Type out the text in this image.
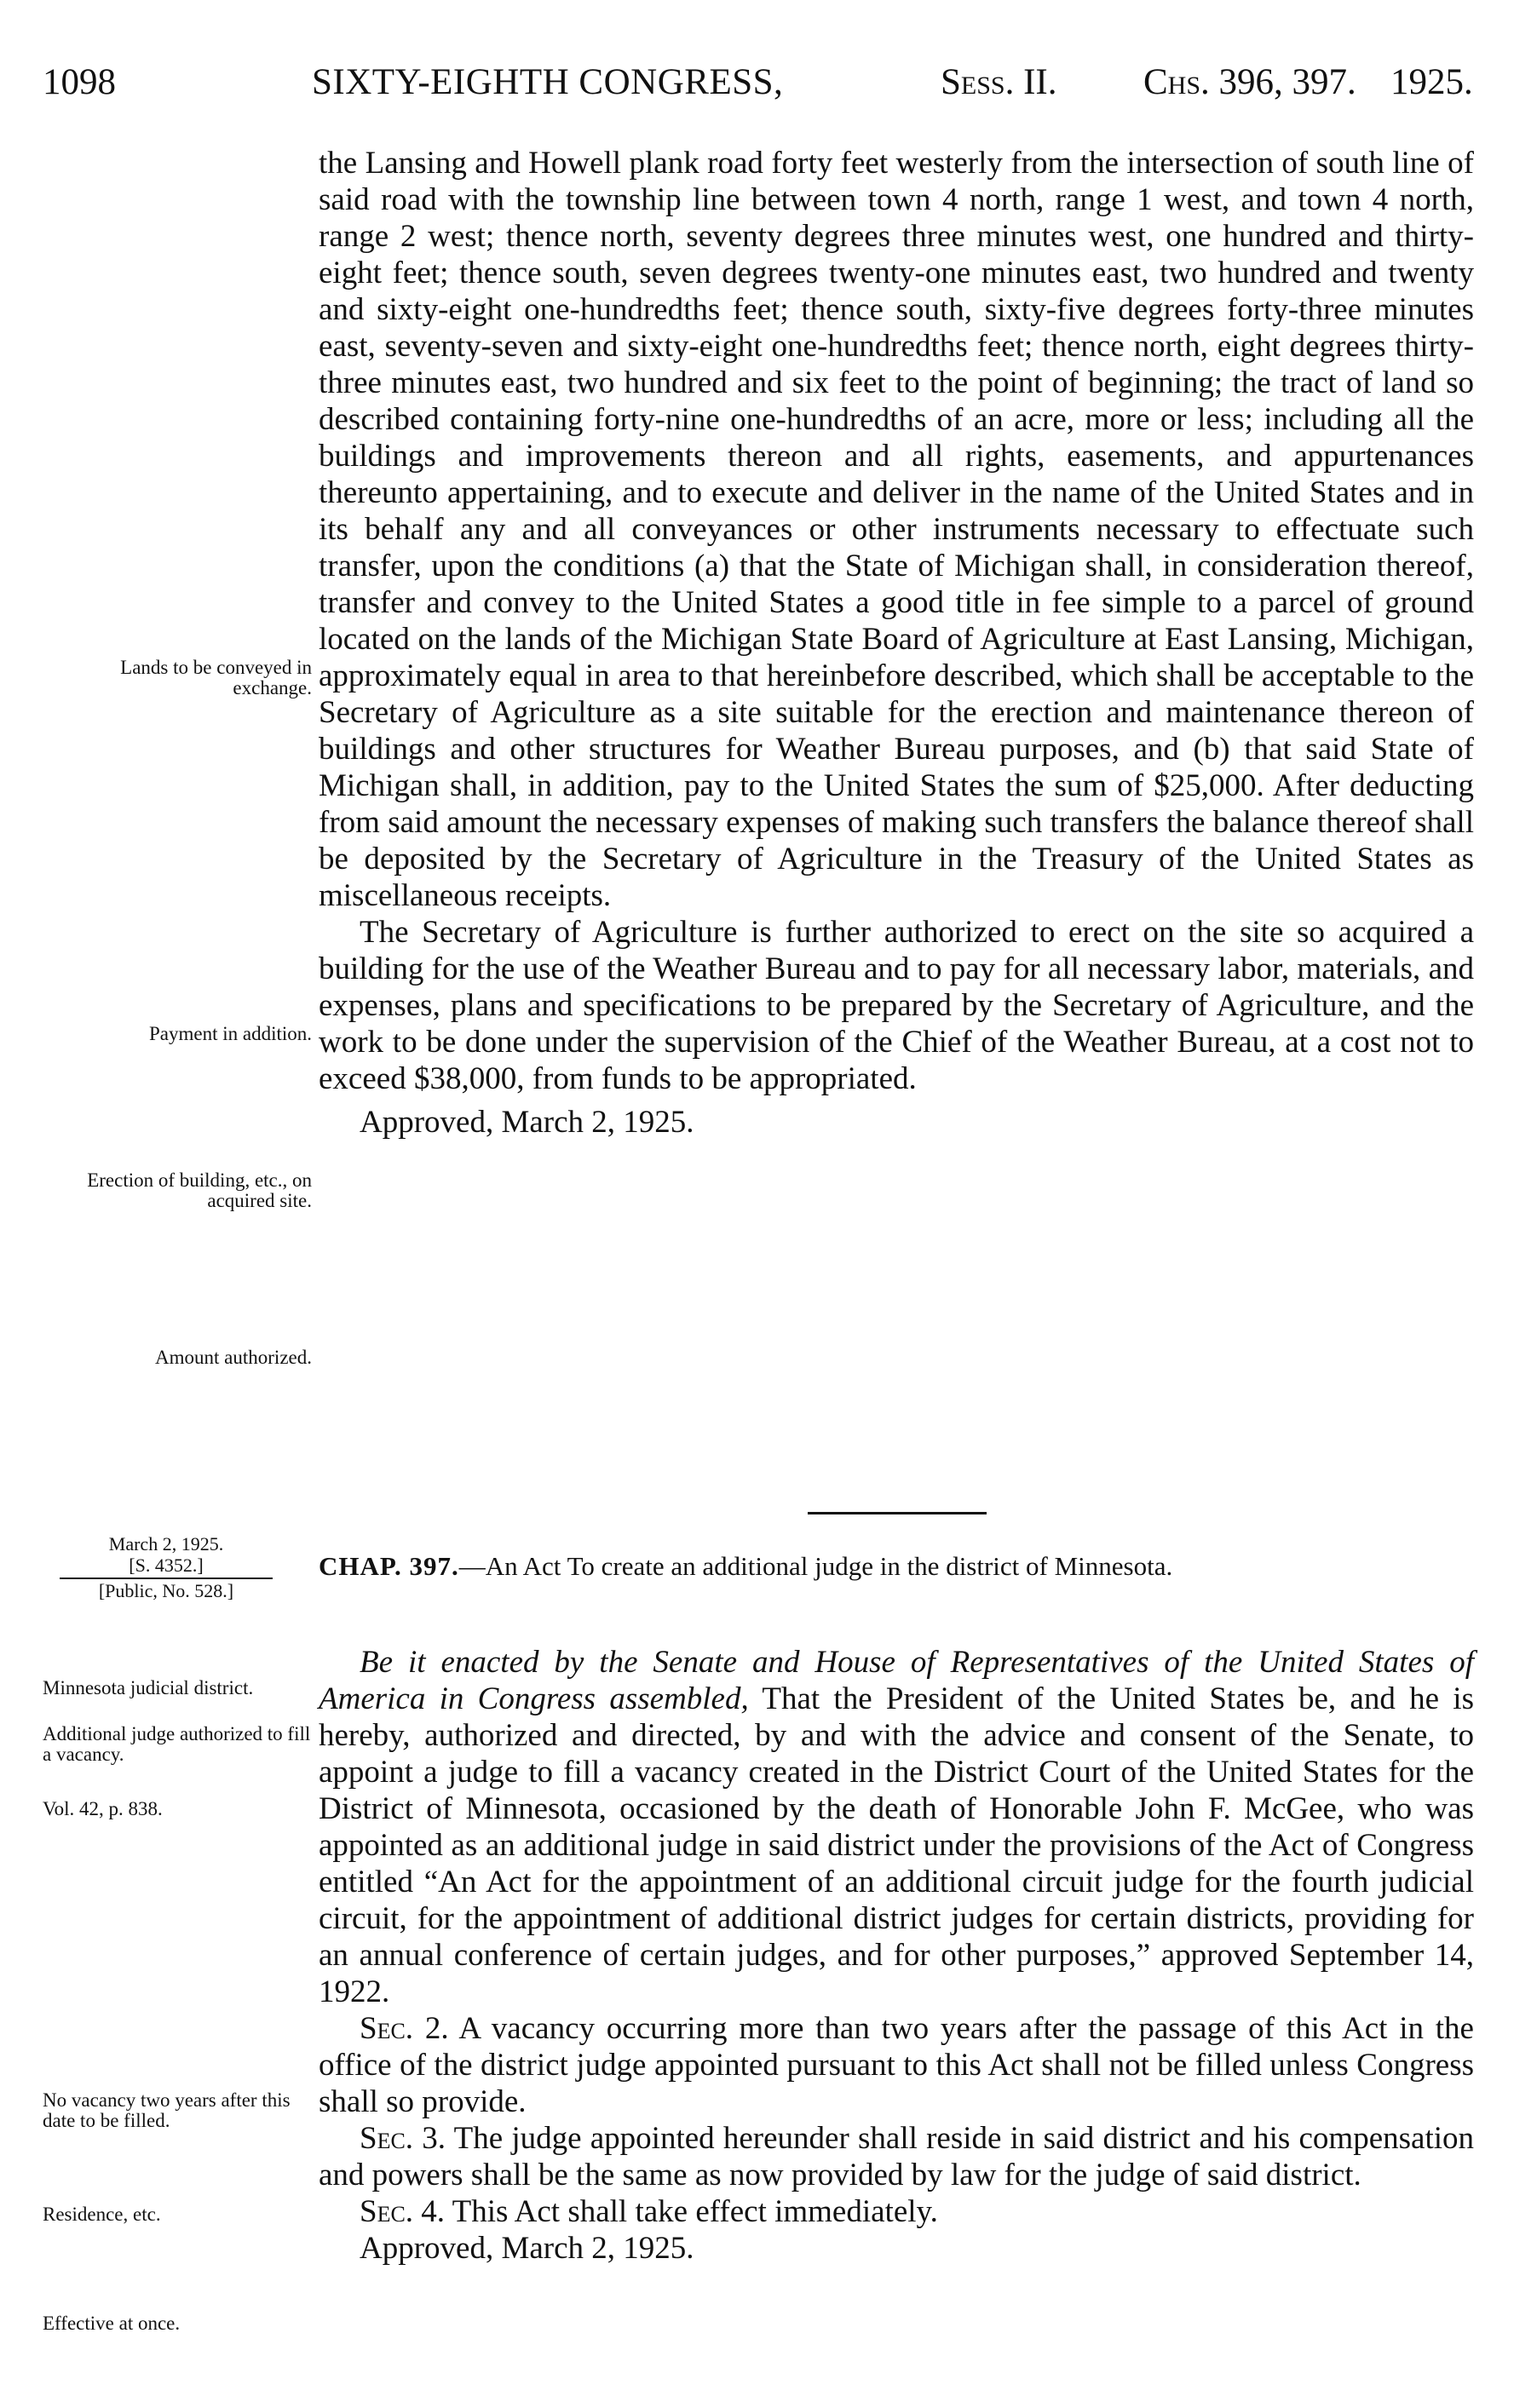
1098	SIXTY-EIGHTH CONGRESS,	Sess. II. Chs. 396, 397. 1925.

the Lansing and Howell plank road forty feet westerly from the intersection of south line of said road with the township line between town 4 north, range 1 west, and town 4 north, range 2 west; thence north, seventy degrees three minutes west, one hundred and thirty-eight feet; thence south, seven degrees twenty-one minutes east, two hundred and twenty and sixty-eight one-hundredths feet; thence south, sixty-five degrees forty-three minutes east, seventy-seven and sixty-eight one-hundredths feet; thence north, eight degrees thirty-three minutes east, two hundred and six feet to the point of beginning; the tract of land so described containing forty-nine one-hundredths of an acre, more or less; including all the buildings and improvements thereon and all rights, easements, and appurtenances thereunto appertaining, and to execute and deliver in the name of the United States and in its behalf any and all conveyances or other instruments necessary to effectuate such transfer, upon the conditions (a) that the State of Michigan shall, in consideration thereof, transfer and convey to the United States a good title in fee simple to a parcel of ground located on the lands of the Michigan State Board of Agriculture at East Lansing, Michigan, approximately equal in area to that hereinbefore described, which shall be acceptable to the Secretary of Agriculture as a site suitable for the erection and maintenance thereon of buildings and other structures for Weather Bureau purposes, and (b) that said State of Michigan shall, in addition, pay to the United States the sum of $25,000. After deducting from said amount the necessary expenses of making such transfers the balance thereof shall be deposited by the Secretary of Agriculture in the Treasury of the United States as miscellaneous receipts.

The Secretary of Agriculture is further authorized to erect on the site so acquired a building for the use of the Weather Bureau and to pay for all necessary labor, materials, and expenses, plans and specifications to be prepared by the Secretary of Agriculture, and the work to be done under the supervision of the Chief of the Weather Bureau, at a cost not to exceed $38,000, from funds to be appropriated.

Approved, March 2, 1925.

Lands to be conveyed in exchange.
Payment in addition.
Erection of building, etc., on acquired site.
Amount authorized.
March 2, 1925.
[S. 4352.]
[Public, No. 528.]
CHAP. 397.—An Act To create an additional judge in the district of Minnesota.

Be it enacted by the Senate and House of Representatives of the United States of America in Congress assembled, That the President of the United States be, and he is hereby, authorized and directed, by and with the advice and consent of the Senate, to appoint a judge to fill a vacancy created in the District Court of the United States for the District of Minnesota, occasioned by the death of Honorable John F. McGee, who was appointed as an additional judge in said district under the provisions of the Act of Congress entitled “An Act for the appointment of an additional circuit judge for the fourth judicial circuit, for the appointment of additional district judges for certain districts, providing for an annual conference of certain judges, and for other purposes,” approved September 14, 1922.

Sec. 2. A vacancy occurring more than two years after the passage of this Act in the office of the district judge appointed pursuant to this Act shall not be filled unless Congress shall so provide.

Sec. 3. The judge appointed hereunder shall reside in said district and his compensation and powers shall be the same as now provided by law for the judge of said district.

Sec. 4. This Act shall take effect immediately.

Approved, March 2, 1925.

Minnesota judicial district.
Additional judge authorized to fill a vacancy.
Vol. 42, p. 838.
No vacancy two years after this date to be filled.
Residence, etc.
Effective at once.
